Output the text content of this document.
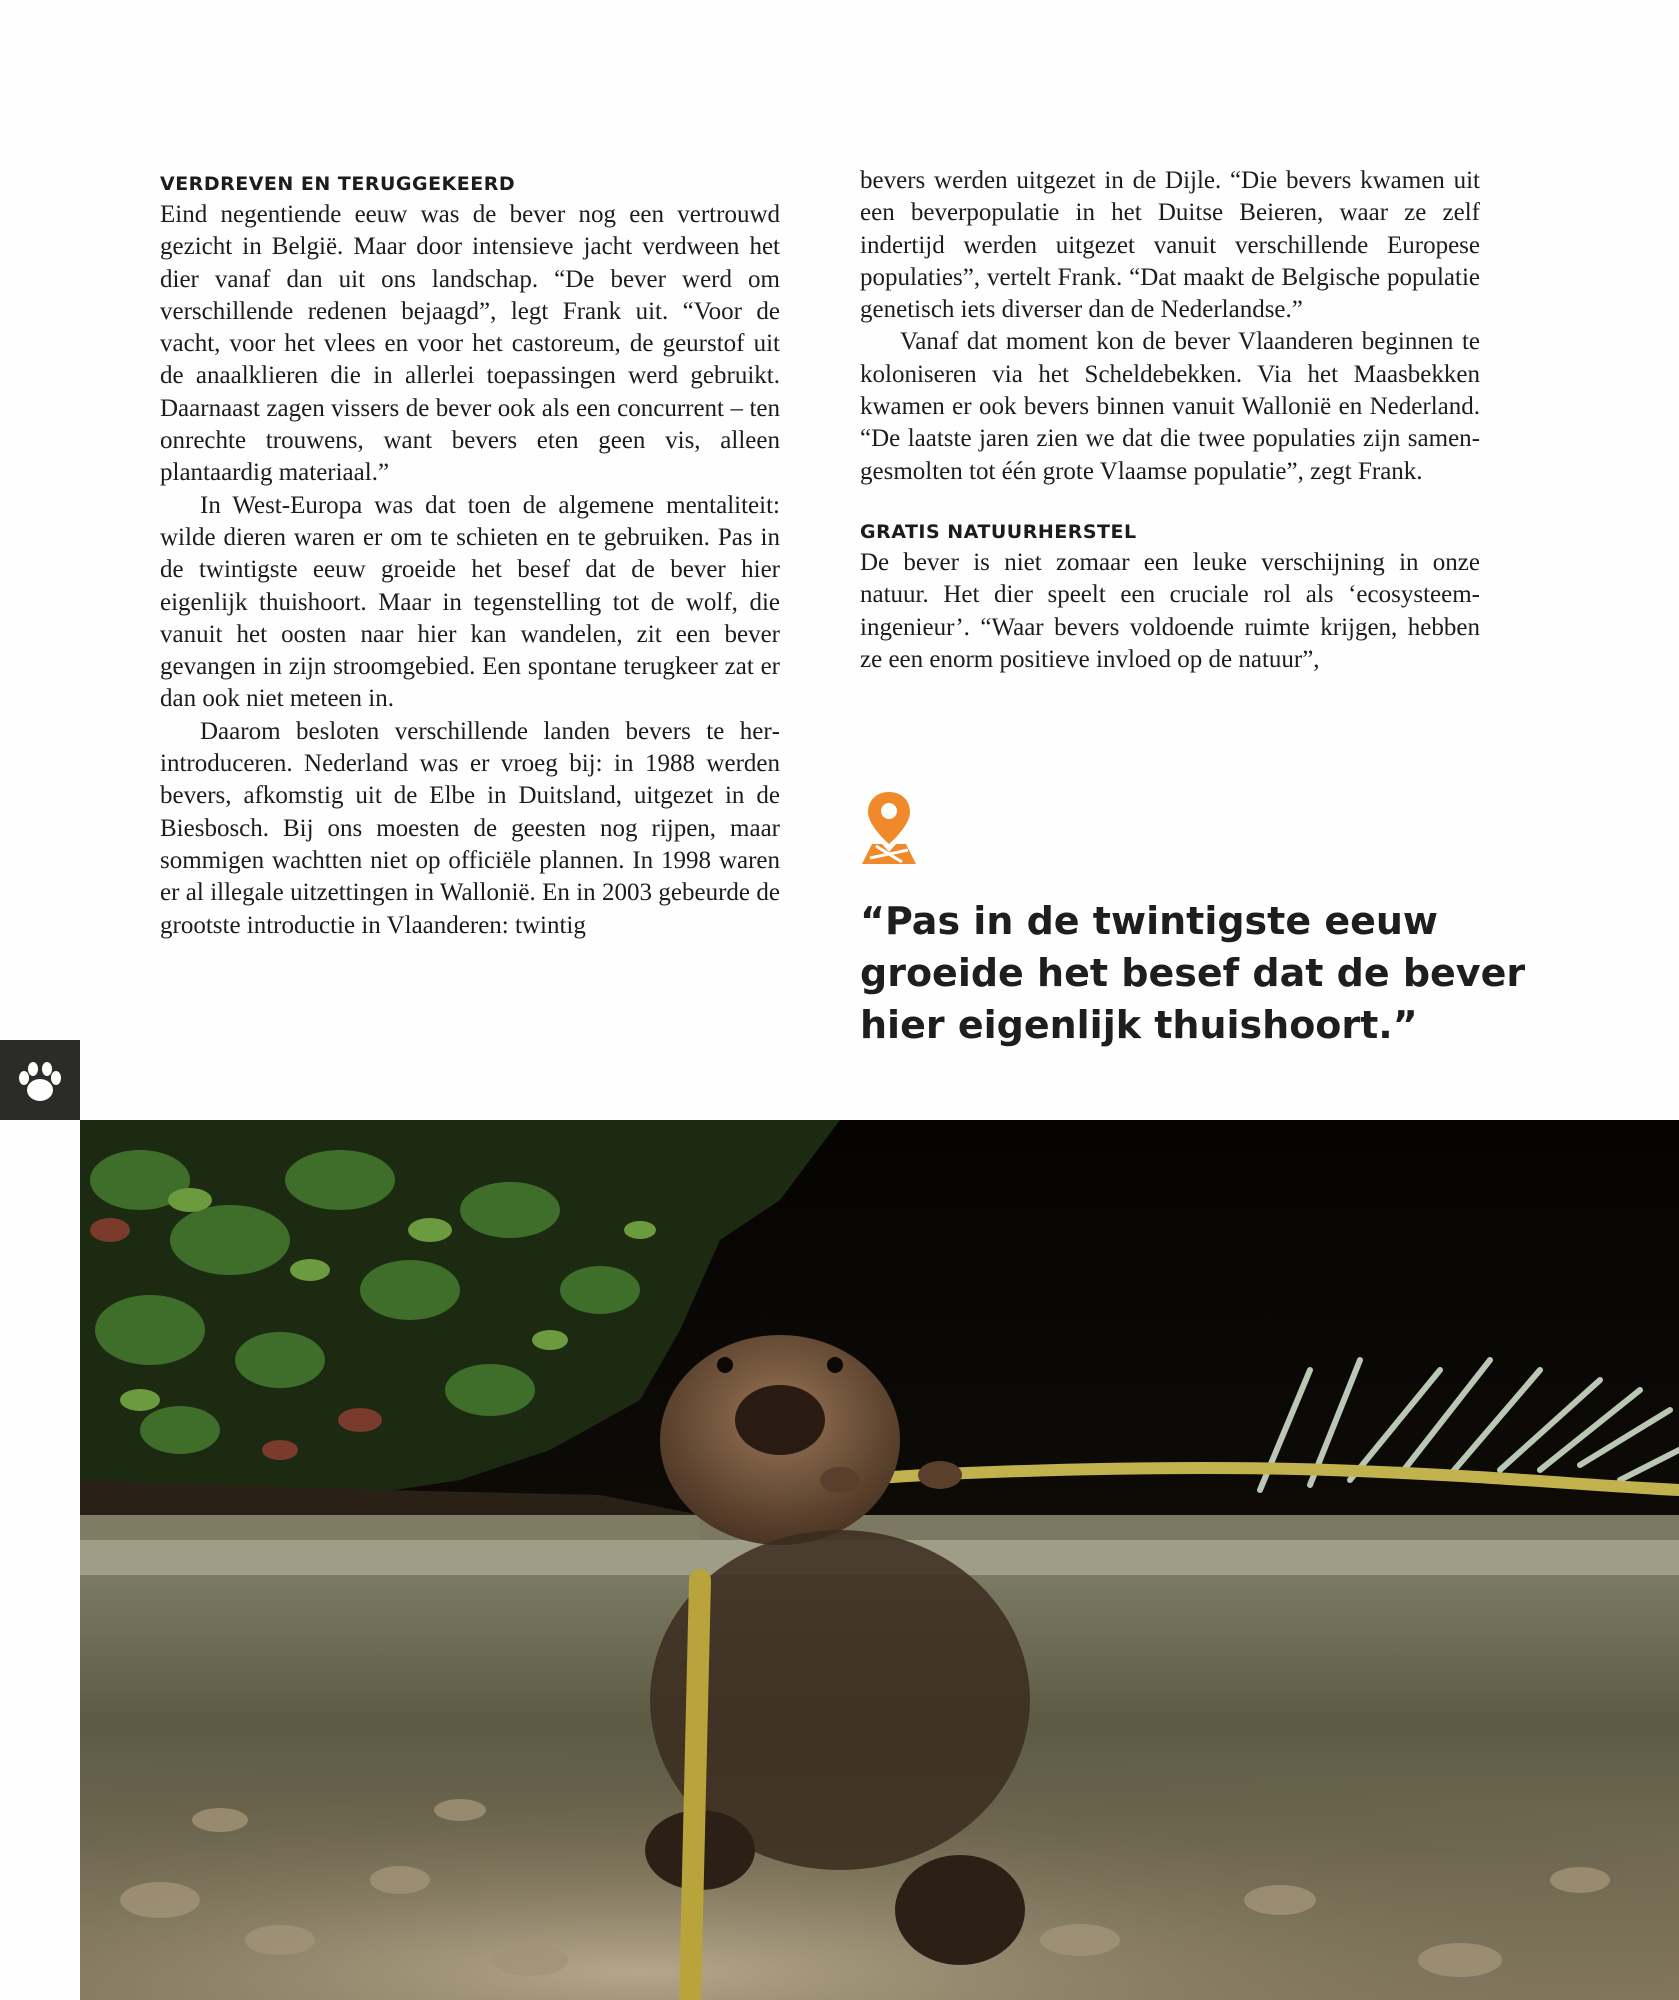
VERDREVEN EN TERUGGEKEERD

Eind negentiende eeuw was de bever nog een vertrouwd gezicht in België. Maar door intensieve jacht verdween het dier vanaf dan uit ons landschap. “De bever werd om verschillende redenen bejaagd”, legt Frank uit. “Voor de vacht, voor het vlees en voor het castoreum, de geurstof uit de anaalklieren die in allerlei toepassingen werd gebruikt. Daarnaast zagen vissers de bever ook als een concurrent – ten onrechte trouwens, want bevers eten geen vis, alleen plantaardig materiaal.”

In West-Europa was dat toen de algemene mentaliteit: wilde dieren waren er om te schieten en te gebruiken. Pas in de twintigste eeuw groeide het besef dat de bever hier eigenlijk thuishoort. Maar in tegenstelling tot de wolf, die vanuit het oosten naar hier kan wandelen, zit een bever gevangen in zijn stroomgebied. Een spontane terugkeer zat er dan ook niet meteen in.

Daarom besloten verschillende landen bevers te herintroduceren. Nederland was er vroeg bij: in 1988 werden bevers, afkomstig uit de Elbe in Duitsland, uitgezet in de Biesbosch. Bij ons moesten de geesten nog rijpen, maar sommigen wachtten niet op officiële plannen. In 1998 waren er al illegale uitzettingen in Wallonië. En in 2003 gebeurde de grootste introductie in Vlaanderen: twintig

bevers werden uitgezet in de Dijle. “Die bevers kwamen uit een beverpopulatie in het Duitse Beieren, waar ze zelf indertijd werden uitgezet vanuit verschillende Europese populaties”, vertelt Frank. “Dat maakt de Belgische populatie genetisch iets diverser dan de Nederlandse.”

Vanaf dat moment kon de bever Vlaanderen beginnen te koloniseren via het Scheldebekken. Via het Maasbekken kwamen er ook bevers binnen vanuit Wallonië en Nederland. “De laatste jaren zien we dat die twee populaties zijn samengesmolten tot één grote Vlaamse populatie”, zegt Frank.

GRATIS NATUURHERSTEL

De bever is niet zomaar een leuke verschijning in onze natuur. Het dier speelt een cruciale rol als ‘ecosysteemingenieur’. “Waar bevers voldoende ruimte krijgen, hebben ze een enorm positieve invloed op de natuur”,

“Pas in de twintigste eeuw groeide het besef dat de bever hier eigenlijk thuishoort.”
